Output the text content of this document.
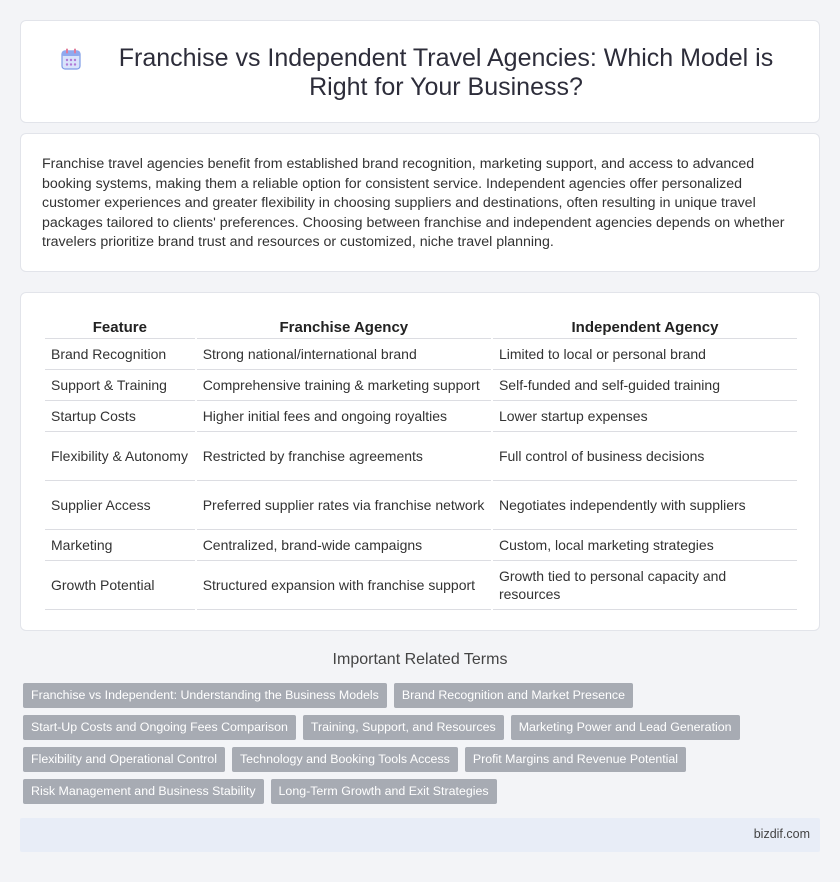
Franchise vs Independent Travel Agencies: Which Model is Right for Your Business?

Franchise travel agencies benefit from established brand recognition, marketing support, and access to advanced booking systems, making them a reliable option for consistent service. Independent agencies offer personalized customer experiences and greater flexibility in choosing suppliers and destinations, often resulting in unique travel packages tailored to clients' preferences. Choosing between franchise and independent agencies depends on whether travelers prioritize brand trust and resources or customized, niche travel planning.

Feature	Franchise Agency	Independent Agency
Brand Recognition	Strong national/international brand	Limited to local or personal brand
Support & Training	Comprehensive training & marketing support	Self-funded and self-guided training
Startup Costs	Higher initial fees and ongoing royalties	Lower startup expenses
Flexibility & Autonomy	Restricted by franchise agreements	Full control of business decisions
Supplier Access	Preferred supplier rates via franchise network	Negotiates independently with suppliers
Marketing	Centralized, brand-wide campaigns	Custom, local marketing strategies
Growth Potential	Structured expansion with franchise support	Growth tied to personal capacity and resources
Important Related Terms
Franchise vs Independent: Understanding the Business Models	Brand Recognition and Market Presence
Start-Up Costs and Ongoing Fees Comparison	Training, Support, and Resources	Marketing Power and Lead Generation
Flexibility and Operational Control	Technology and Booking Tools Access	Profit Margins and Revenue Potential
Risk Management and Business Stability	Long-Term Growth and Exit Strategies
bizdif.com
